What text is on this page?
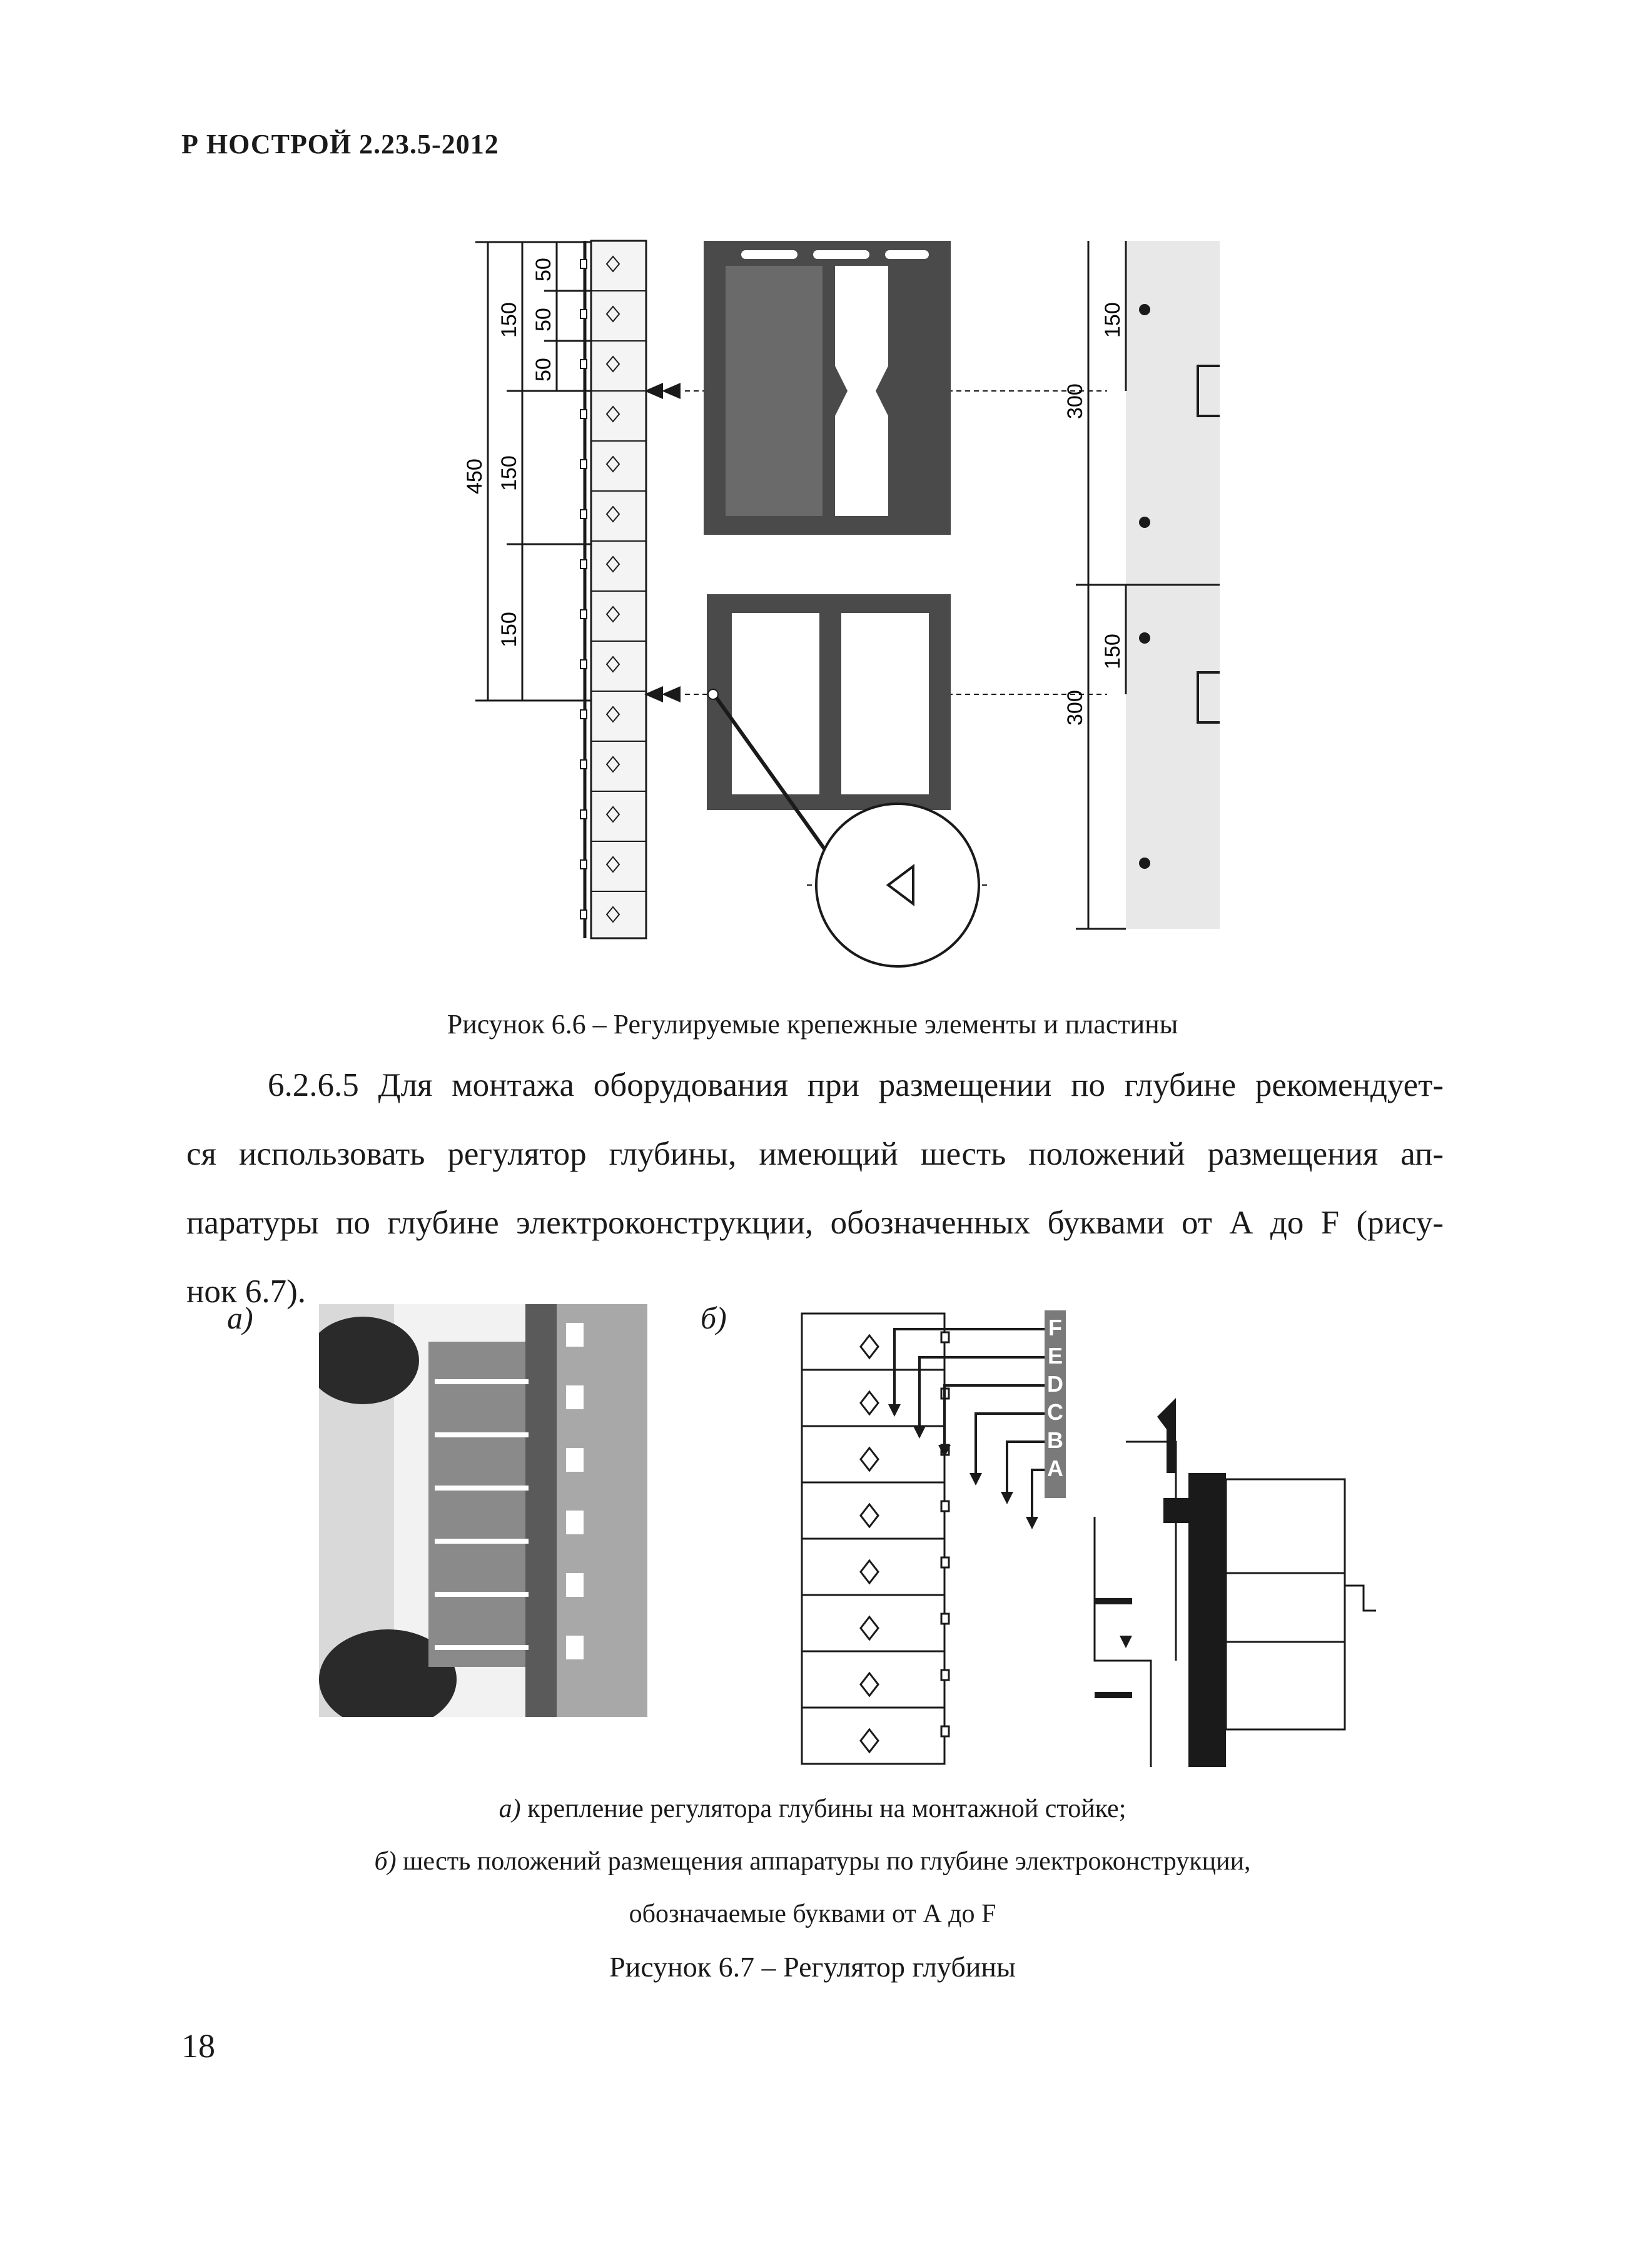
Р НОСТРОЙ 2.23.5-2012
450
150
150
150
50
50
50
300
300
150
150
Рисунок 6.6 – Регулируемые крепежные элементы и пластины
6.2.6.5 Для монтажа оборудования при размещении по глубине рекомендует-
ся использовать регулятор глубины, имеющий шесть положений размещения ап-
паратуры по глубине электроконструкции, обозначенных буквами от А до F (рису-
нок 6.7).
а)	б)	F
E
D
C
B
A
а) крепление регулятора глубины на монтажной стойке;
б) шесть положений размещения аппаратуры по глубине электроконструкции,
обозначаемые буквами от А до F
Рисунок 6.7 – Регулятор глубины
18
